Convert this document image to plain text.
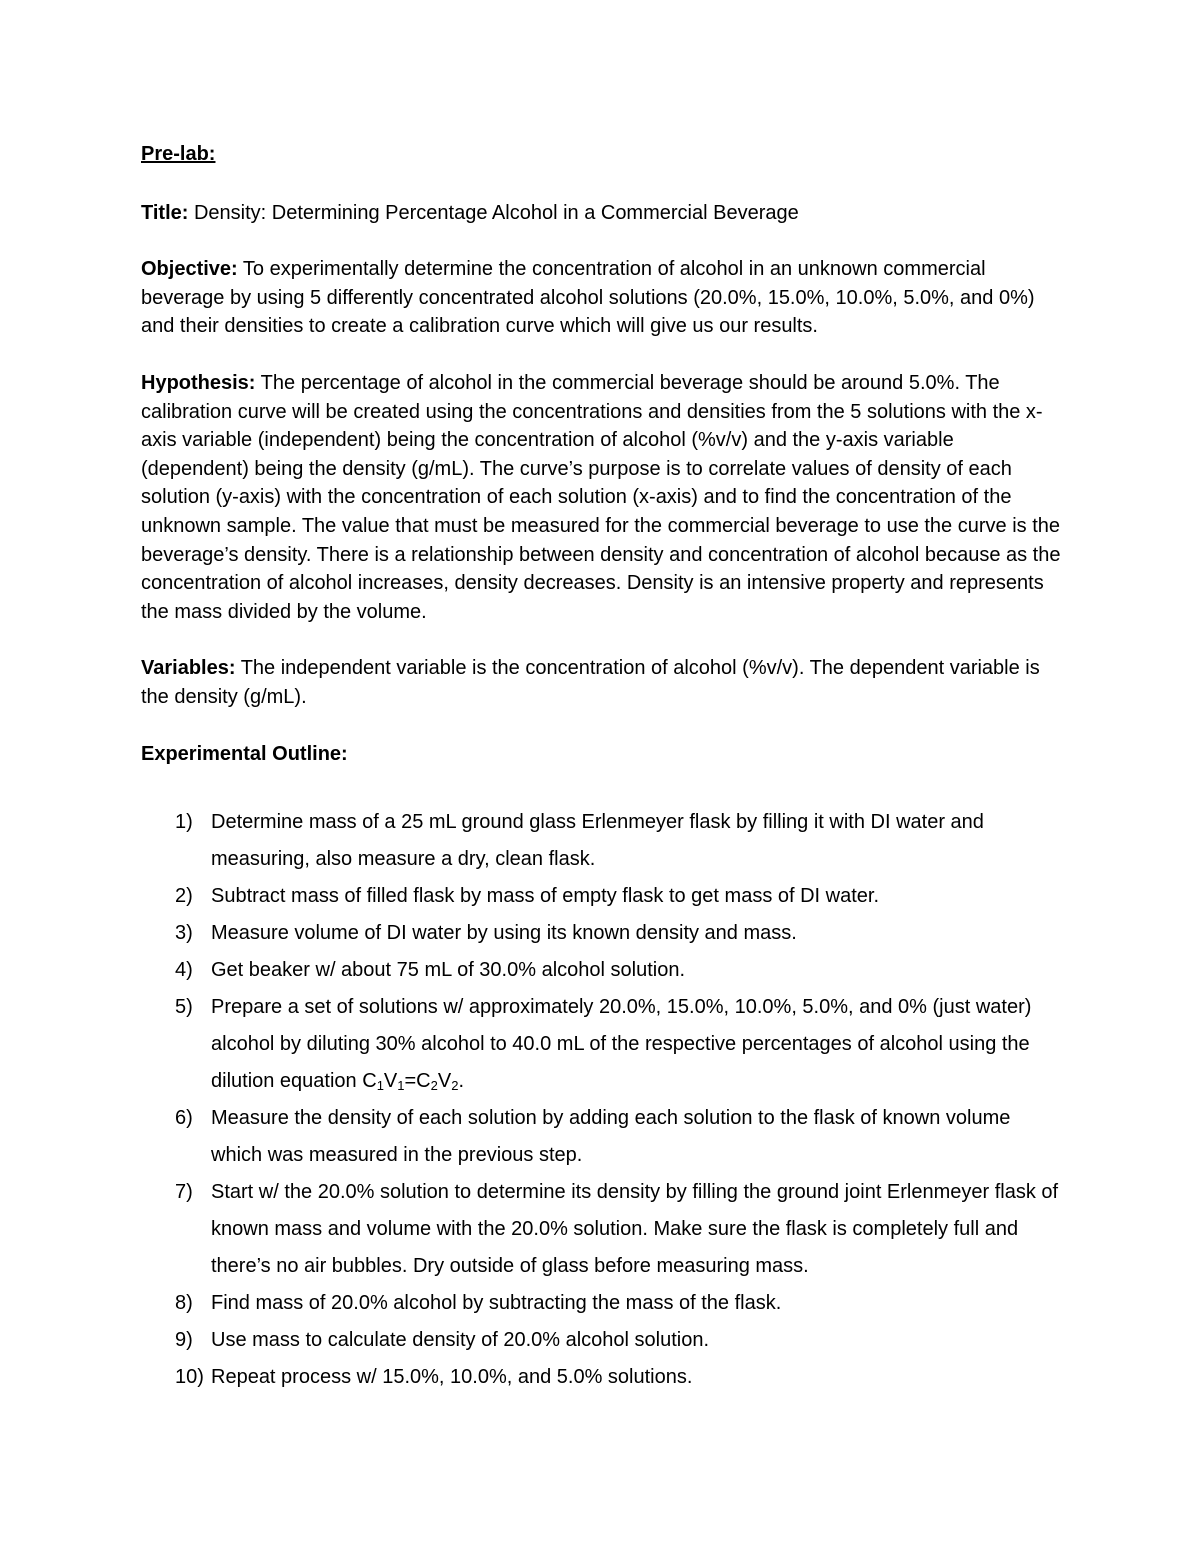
Pre-lab:

Title: Density: Determining Percentage Alcohol in a Commercial Beverage

Objective: To experimentally determine the concentration of alcohol in an unknown commercial beverage by using 5 differently concentrated alcohol solutions (20.0%, 15.0%, 10.0%, 5.0%, and 0%) and their densities to create a calibration curve which will give us our results.

Hypothesis: The percentage of alcohol in the commercial beverage should be around 5.0%. The calibration curve will be created using the concentrations and densities from the 5 solutions with the x-axis variable (independent) being the concentration of alcohol (%v/v) and the y-axis variable (dependent) being the density (g/mL). The curve’s purpose is to correlate values of density of each solution (y-axis) with the concentration of each solution (x-axis) and to find the concentration of the unknown sample. The value that must be measured for the commercial beverage to use the curve is the beverage’s density. There is a relationship between density and concentration of alcohol because as the concentration of alcohol increases, density decreases. Density is an intensive property and represents the mass divided by the volume.

Variables: The independent variable is the concentration of alcohol (%v/v). The dependent variable is the density (g/mL).

Experimental Outline:

1) Determine mass of a 25 mL ground glass Erlenmeyer flask by filling it with DI water and measuring, also measure a dry, clean flask.
2) Subtract mass of filled flask by mass of empty flask to get mass of DI water.
3) Measure volume of DI water by using its known density and mass.
4) Get beaker w/ about 75 mL of 30.0% alcohol solution.
5) Prepare a set of solutions w/ approximately 20.0%, 15.0%, 10.0%, 5.0%, and 0% (just water) alcohol by diluting 30% alcohol to 40.0 mL of the respective percentages of alcohol using the dilution equation $C_1V_1=C_2V_2$.
6) Measure the density of each solution by adding each solution to the flask of known volume which was measured in the previous step.
7) Start w/ the 20.0% solution to determine its density by filling the ground joint Erlenmeyer flask of known mass and volume with the 20.0% solution. Make sure the flask is completely full and there’s no air bubbles. Dry outside of glass before measuring mass.
8) Find mass of 20.0% alcohol by subtracting the mass of the flask.
9) Use mass to calculate density of 20.0% alcohol solution.
10) Repeat process w/ 15.0%, 10.0%, and 5.0% solutions.
